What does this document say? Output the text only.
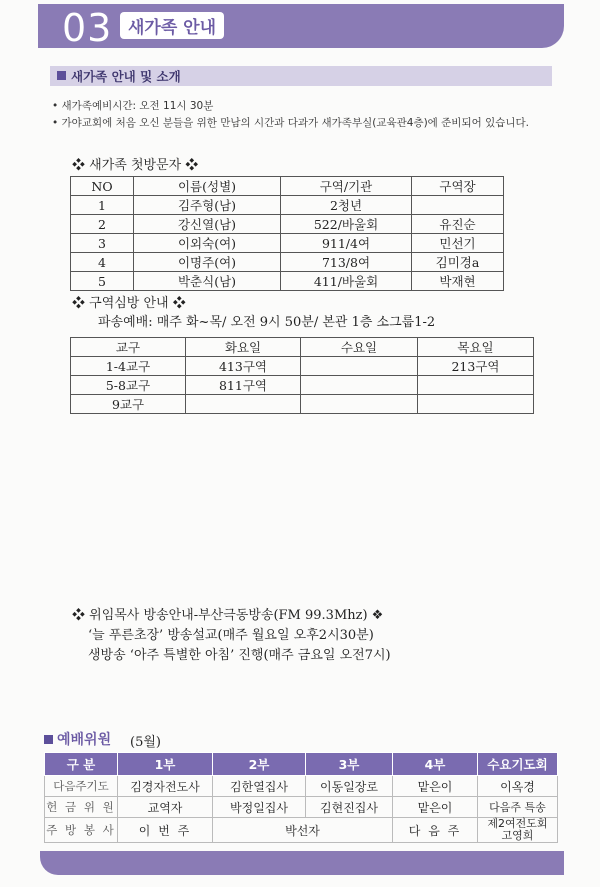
03 새가족 안내
새가족 안내 및 소개
• 새가족예비시간: 오전 11시 30분
• 가야교회에 처음 오신 분들을 위한 만남의 시간과 다과가 새가족부실(교육관4층)에 준비되어 있습니다.
❖ 새가족 첫방문자 ❖
NO	이름(성별)	구역/기관	구역장
1	김주형(남)	2청년	
2	강신열(남)	522/바울회	유진순
3	이외숙(여)	911/4여	민선기
4	이명주(여)	713/8여	김미경a
5	박춘식(남)	411/바울회	박재현
❖ 구역심방 안내 ❖
파송예배: 매주 화~목/ 오전 9시 50분/ 본관 1층 소그룹1-2
교구	화요일	수요일	목요일
1-4교구	413구역		213구역
5-8교구	811구역		
9교구			
❖ 위임목사 방송안내-부산극동방송(FM 99.3Mhz) ❖
‘늘 푸른초장’ 방송설교(매주 월요일 오후2시30분)
생방송 ‘아주 특별한 아침’ 진행(매주 금요일 오전7시)
예배위원 (5월)
구 분	1부	2부	3부	4부	수요기도회
다음주기도	김경자전도사	김한열집사	이동일장로	맡은이	이옥경
헌 금 위 원	교역자	박정일집사	김현진집사	맡은이	다음주 특송
주 방 봉 사	이 번 주	박선자		다 음 주	제2여전도회
고영희
